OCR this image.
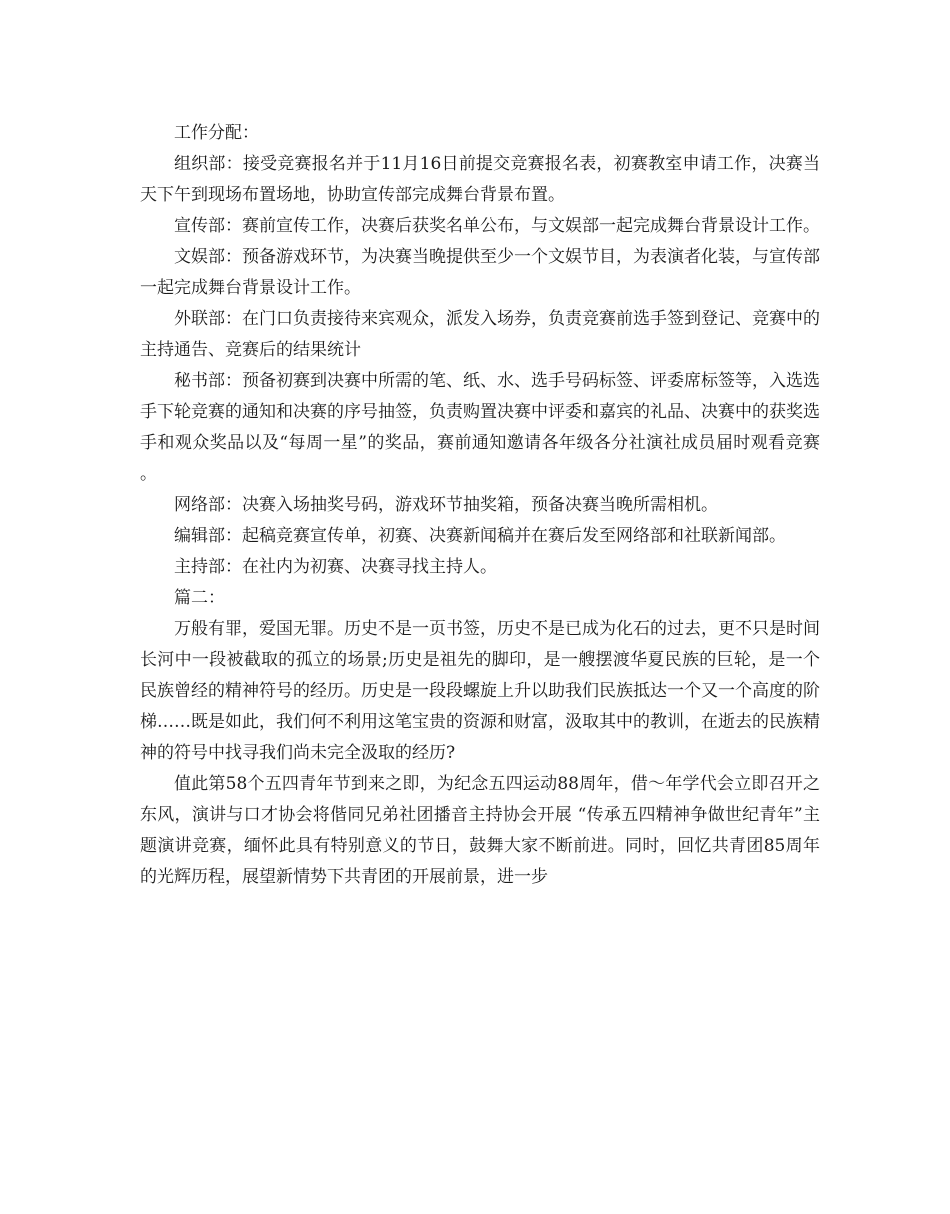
工作分配：

组织部：接受竞赛报名并于11月16日前提交竞赛报名表，初赛教室申请工作，决赛当天下午到现场布置场地，协助宣传部完成舞台背景布置。

宣传部：赛前宣传工作，决赛后获奖名单公布，与文娱部一起完成舞台背景设计工作。

文娱部：预备游戏环节，为决赛当晚提供至少一个文娱节目，为表演者化装，与宣传部一起完成舞台背景设计工作。

外联部：在门口负责接待来宾观众，派发入场券，负责竞赛前选手签到登记、竞赛中的主持通告、竞赛后的结果统计

秘书部：预备初赛到决赛中所需的笔、纸、水、选手号码标签、评委席标签等，入选选手下轮竞赛的通知和决赛的序号抽签，负责购置决赛中评委和嘉宾的礼品、决赛中的获奖选手和观众奖品以及“每周一星”的奖品，赛前通知邀请各年级各分社演社成员届时观看竞赛。

网络部：决赛入场抽奖号码，游戏环节抽奖箱，预备决赛当晚所需相机。

编辑部：起稿竞赛宣传单，初赛、决赛新闻稿并在赛后发至网络部和社联新闻部。

主持部：在社内为初赛、决赛寻找主持人。

篇二：

万般有罪，爱国无罪。历史不是一页书签，历史不是已成为化石的过去，更不只是时间长河中一段被截取的孤立的场景;历史是祖先的脚印，是一艘摆渡华夏民族的巨轮，是一个民族曾经的精神符号的经历。历史是一段段螺旋上升以助我们民族抵达一个又一个高度的阶梯……既是如此，我们何不利用这笔宝贵的资源和财富，汲取其中的教训，在逝去的民族精神的符号中找寻我们尚未完全汲取的经历?

值此第58个五四青年节到来之即，为纪念五四运动88周年，借～年学代会立即召开之东风，演讲与口才协会将偕同兄弟社团播音主持协会开展 “传承五四精神争做世纪青年”主题演讲竞赛，缅怀此具有特别意义的节日，鼓舞大家不断前进。同时，回忆共青团85周年的光辉历程，展望新情势下共青团的开展前景，进一步
